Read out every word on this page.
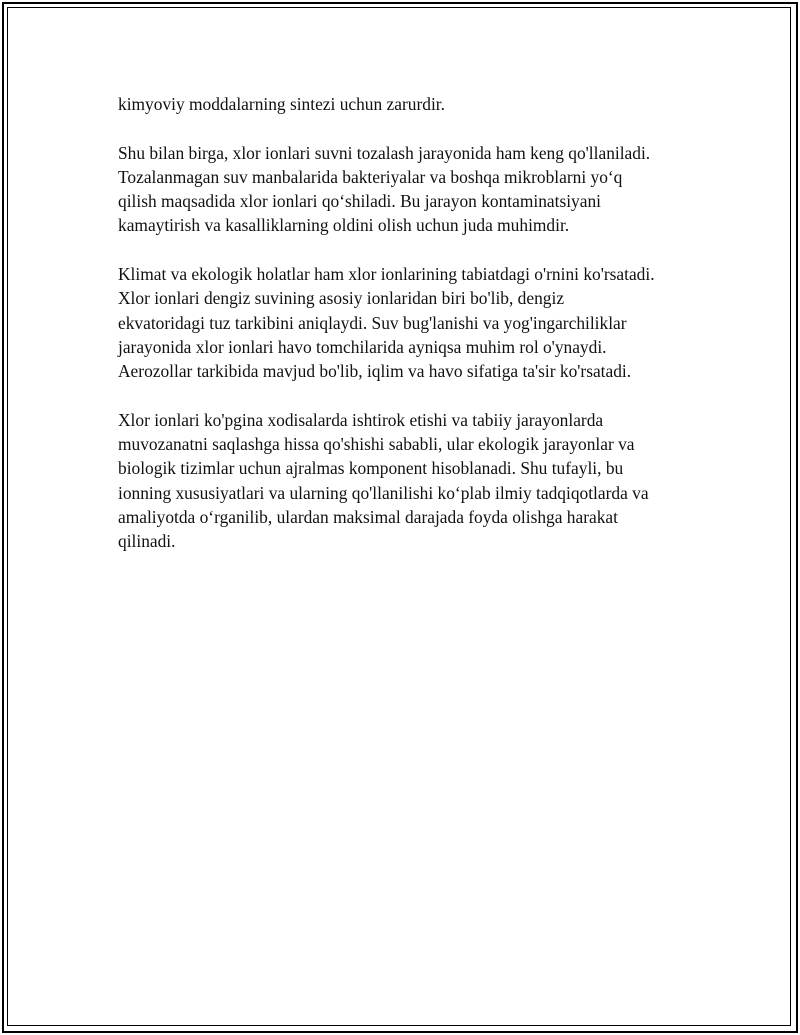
kimyoviy moddalarning sintezi uchun zarurdir.

Shu bilan birga, xlor ionlari suvni tozalash jarayonida ham keng qo'llaniladi.
Tozalanmagan suv manbalarida bakteriyalar va boshqa mikroblarni yo‘q
qilish maqsadida xlor ionlari qo‘shiladi. Bu jarayon kontaminatsiyani
kamaytirish va kasalliklarning oldini olish uchun juda muhimdir.

Klimat va ekologik holatlar ham xlor ionlarining tabiatdagi o'rnini ko'rsatadi.
Xlor ionlari dengiz suvining asosiy ionlaridan biri bo'lib, dengiz
ekvatoridagi tuz tarkibini aniqlaydi. Suv bug'lanishi va yog'ingarchiliklar
jarayonida xlor ionlari havo tomchilarida ayniqsa muhim rol o'ynaydi.
Aerozollar tarkibida mavjud bo'lib, iqlim va havo sifatiga ta'sir ko'rsatadi.

Xlor ionlari ko'pgina xodisalarda ishtirok etishi va tabiiy jarayonlarda
muvozanatni saqlashga hissa qo'shishi sababli, ular ekologik jarayonlar va
biologik tizimlar uchun ajralmas komponent hisoblanadi. Shu tufayli, bu
ionning xususiyatlari va ularning qo'llanilishi ko‘plab ilmiy tadqiqotlarda va
amaliyotda o‘rganilib, ulardan maksimal darajada foyda olishga harakat
qilinadi.
